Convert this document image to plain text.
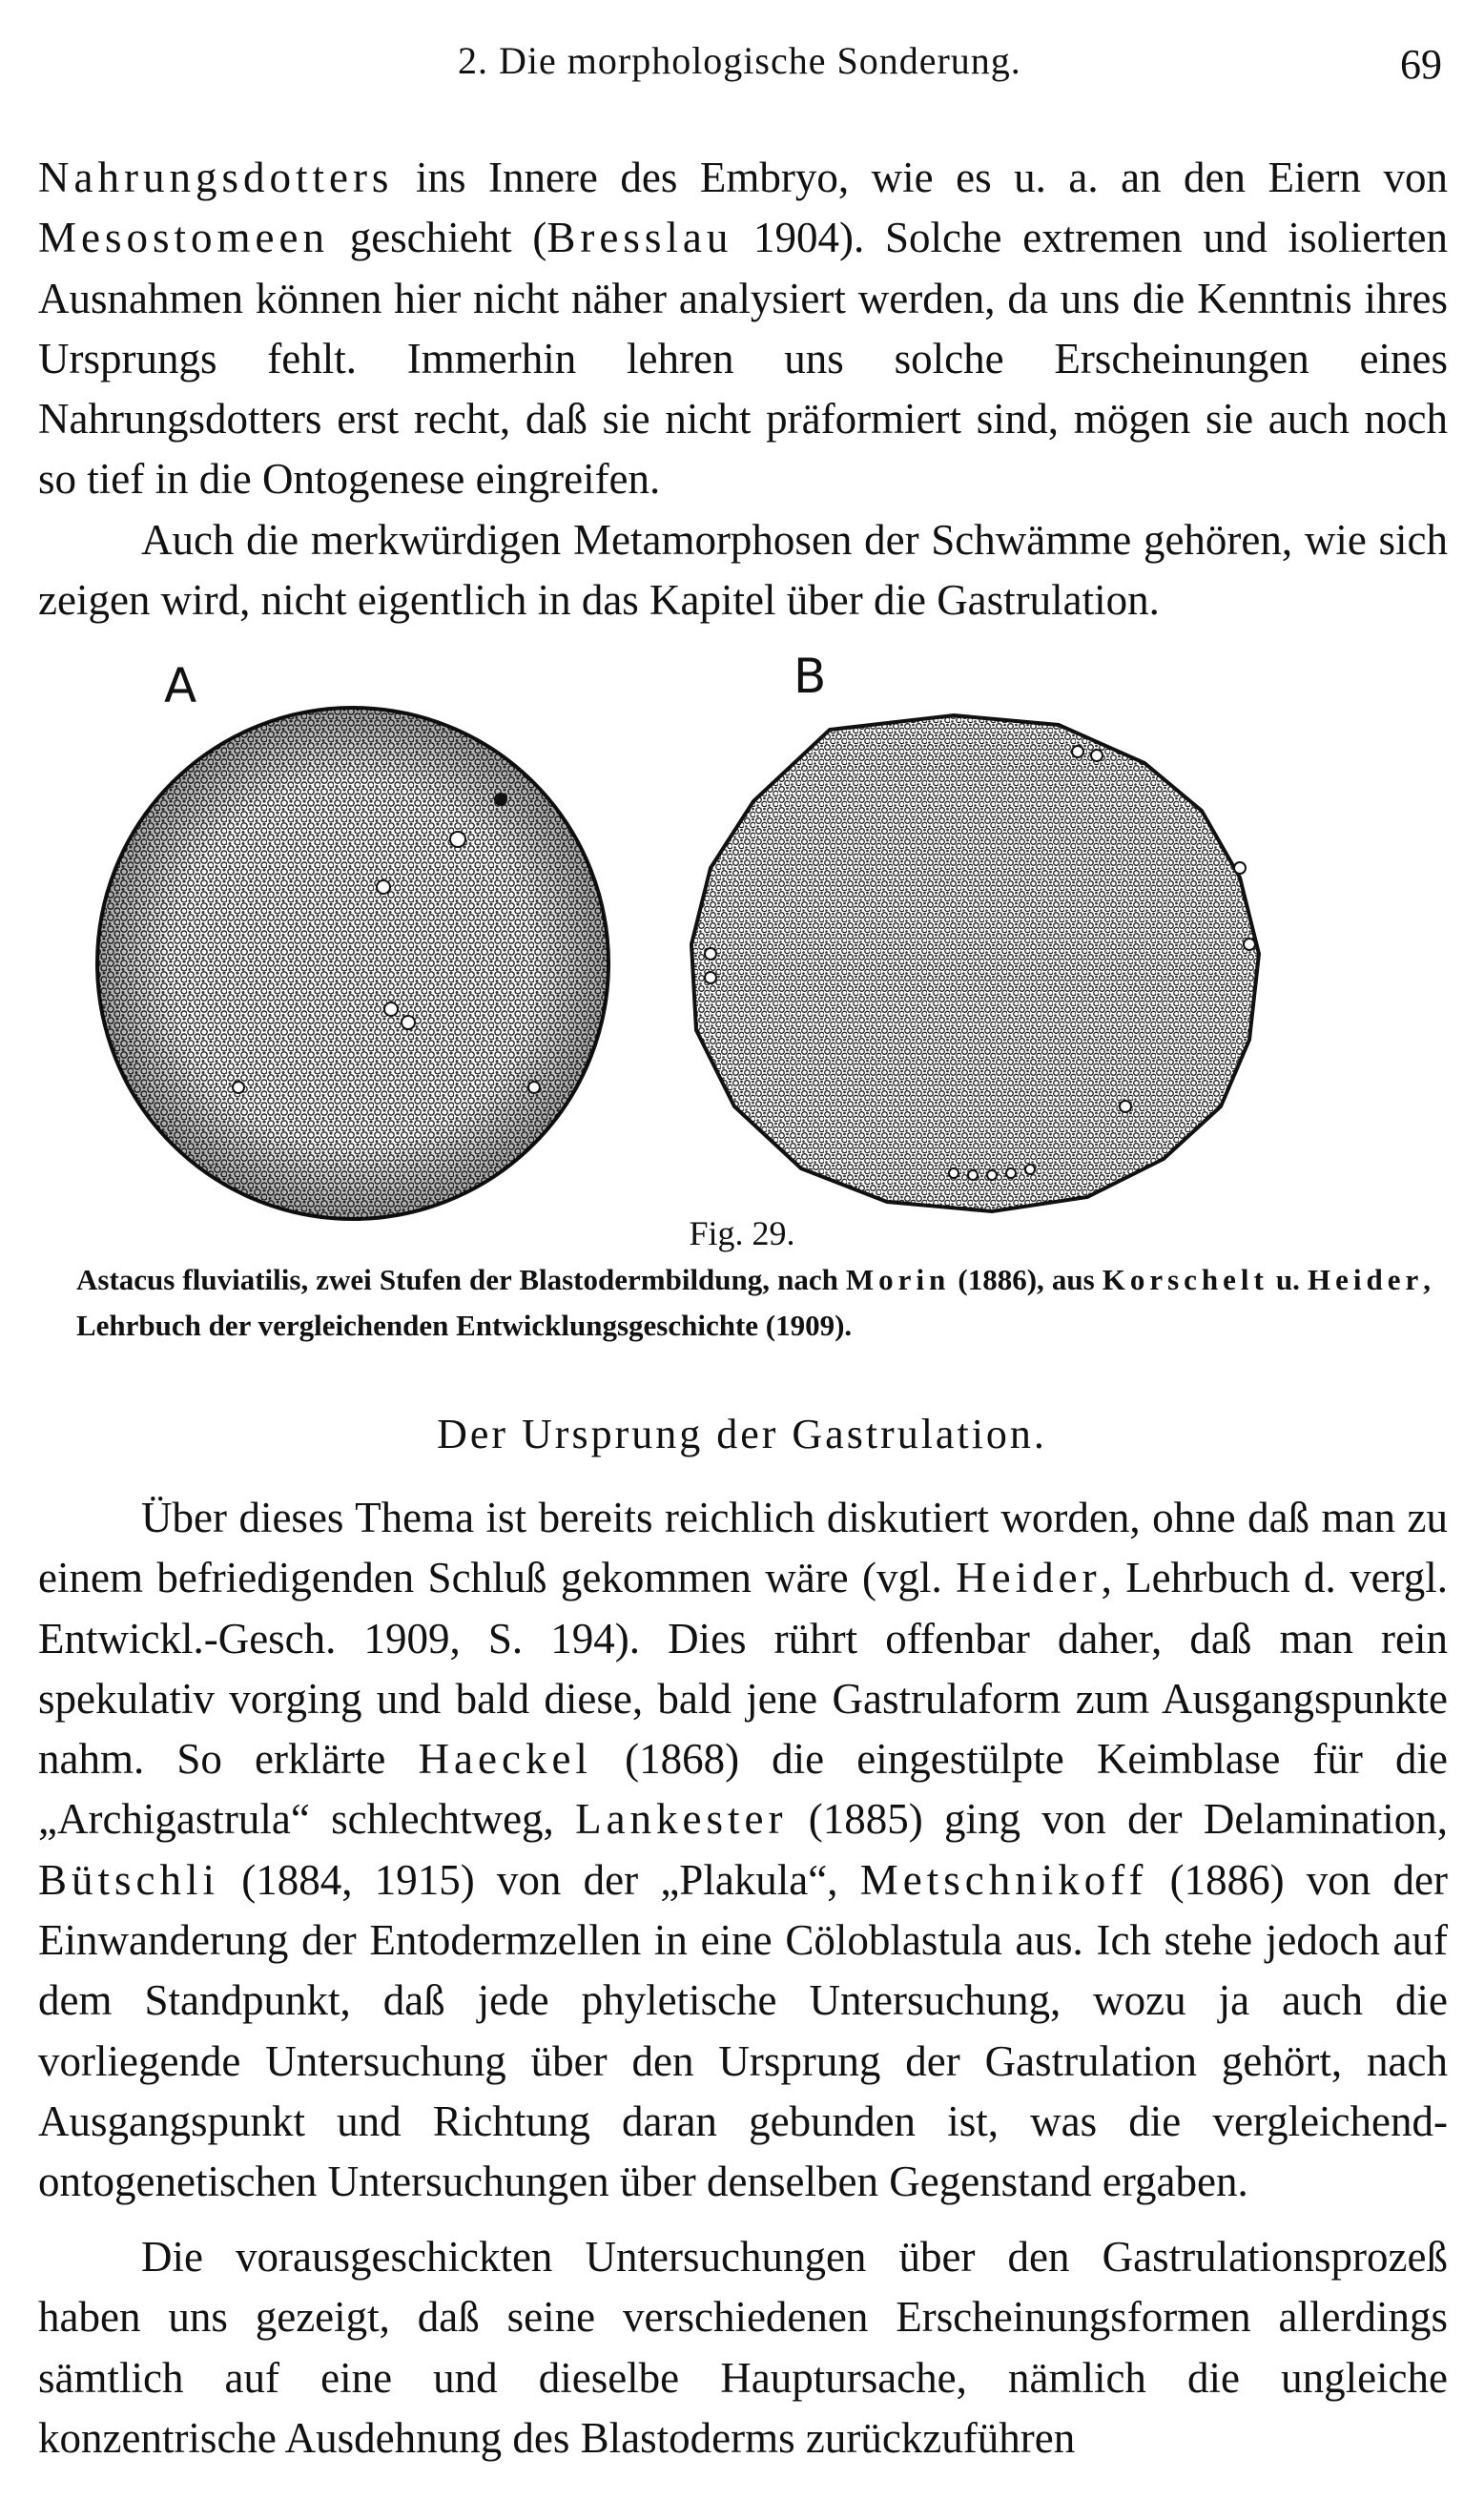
2. Die morphologische Sonderung.	69

Nahrungsdotters ins Innere des Embryo, wie es u. a. an den Eiern von Mesostomeen geschieht (Bresslau 1904). Solche extremen und isolierten Ausnahmen können hier nicht näher analysiert werden, da uns die Kenntnis ihres Ursprungs fehlt. Immerhin lehren uns solche Erscheinungen eines Nahrungsdotters erst recht, daß sie nicht präformiert sind, mögen sie auch noch so tief in die Ontogenese eingreifen.

Auch die merkwürdigen Metamorphosen der Schwämme gehören, wie sich zeigen wird, nicht eigentlich in das Kapitel über die Gastrulation.

A	B
Fig. 29.

Astacus fluviatilis, zwei Stufen der Blastodermbildung, nach Morin (1886), aus Korschelt u. Heider, Lehrbuch der vergleichenden Entwicklungsgeschichte (1909).

Der Ursprung der Gastrulation.

Über dieses Thema ist bereits reichlich diskutiert worden, ohne daß man zu einem befriedigenden Schluß gekommen wäre (vgl. Heider, Lehrbuch d. vergl. Entwickl.-Gesch. 1909, S. 194). Dies rührt offenbar daher, daß man rein spekulativ vorging und bald diese, bald jene Gastrulaform zum Ausgangspunkte nahm. So erklärte Haeckel (1868) die eingestülpte Keimblase für die „Archigastrula“ schlechtweg, Lankester (1885) ging von der Delamination, Bütschli (1884, 1915) von der „Plakula“, Metschnikoff (1886) von der Einwanderung der Entodermzellen in eine Cöloblastula aus. Ich stehe jedoch auf dem Standpunkt, daß jede phyletische Untersuchung, wozu ja auch die vorliegende Untersuchung über den Ursprung der Gastrulation gehört, nach Ausgangspunkt und Richtung daran gebunden ist, was die vergleichend-ontogenetischen Untersuchungen über denselben Gegenstand ergaben.

Die vorausgeschickten Untersuchungen über den Gastrulationsprozeß haben uns gezeigt, daß seine verschiedenen Erscheinungsformen allerdings sämtlich auf eine und dieselbe Hauptursache, nämlich die ungleiche konzentrische Ausdehnung des Blastoderms zurückzuführen
